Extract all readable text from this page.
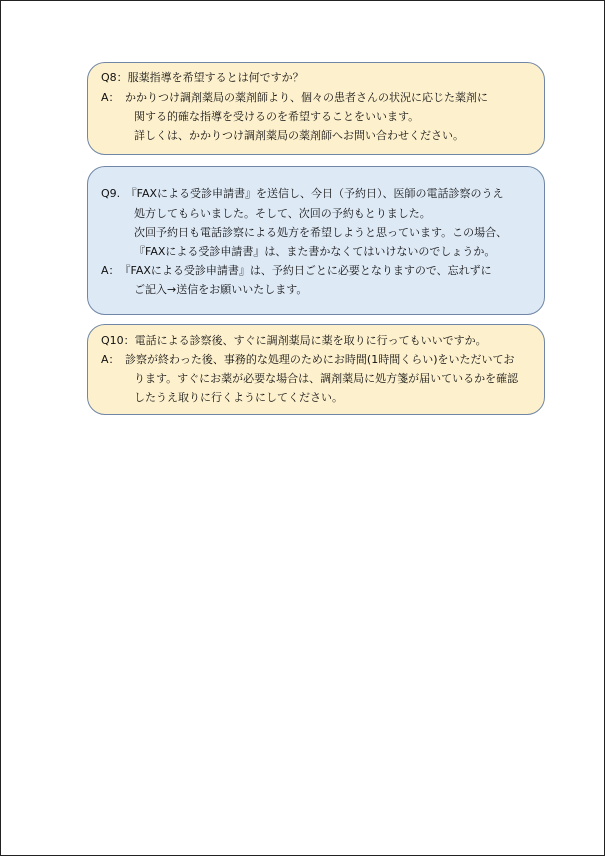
Q8：服薬指導を希望するとは何ですか？
A：　かかりつけ調剤薬局の薬剤師より、個々の患者さんの状況に応じた薬剤に
関する的確な指導を受けるのを希望することをいいます。
詳しくは、かかりつけ調剤薬局の薬剤師へお問い合わせください。
Q9.　『FAXによる受診申請書』を送信し、今日（予約日）、医師の電話診察のうえ
処方してもらいました。そして、次回の予約もとりました。
次回予約日も電話診察による処方を希望しようと思っています。この場合、
『FAXによる受診申請書』は、また書かなくてはいけないのでしょうか。
A：　『FAXによる受診申請書』は、予約日ごとに必要となりますので、忘れずに
ご記入→送信をお願いいたします。
Q10：電話による診察後、すぐに調剤薬局に薬を取りに行ってもいいですか。
A：　診察が終わった後、事務的な処理のためにお時間(1時間くらい)をいただいてお
ります。すぐにお薬が必要な場合は、調剤薬局に処方箋が届いているかを確認
したうえ取りに行くようにしてください。
